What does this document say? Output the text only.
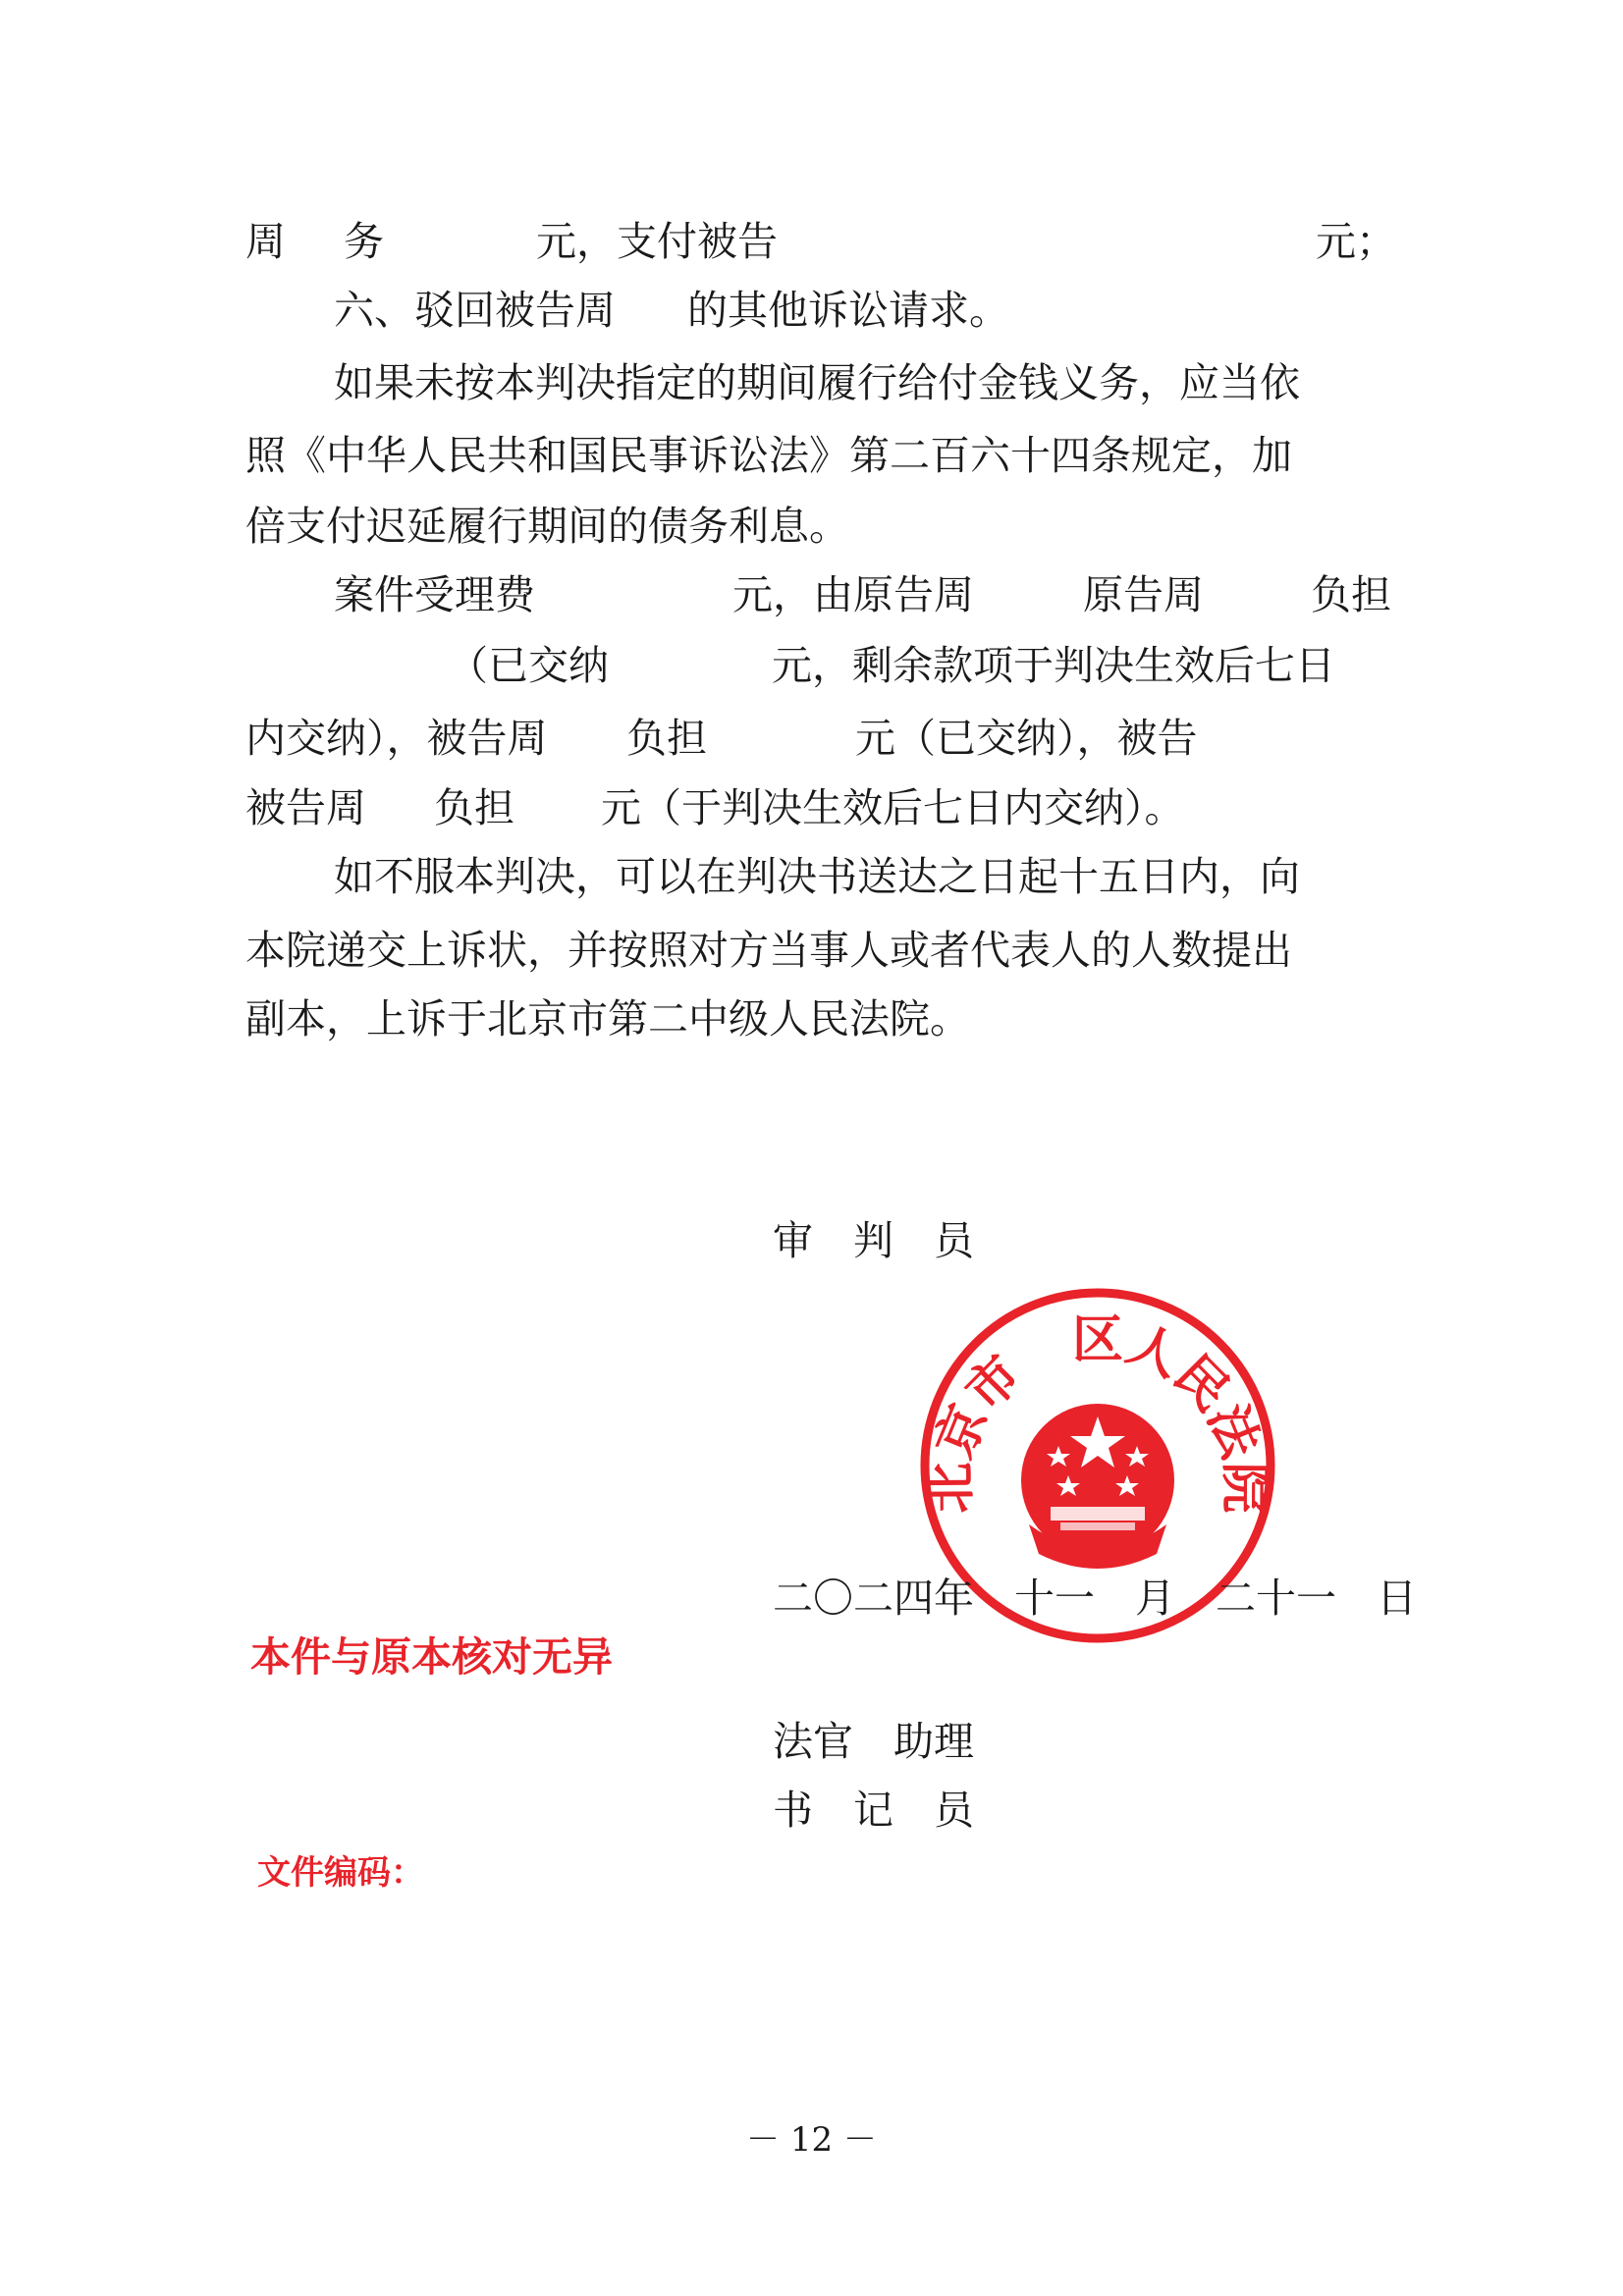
周 务	元，支付被告	元；
六、驳回被告周 的其他诉讼请求。
如果未按本判决指定的期间履行给付金钱义务，应当依
照《中华人民共和国民事诉讼法》第二百六十四条规定，加
倍支付迟延履行期间的债务利息。
案件受理费	元，由原告周	原告周	负担
（已交纳	元，剩余款项于判决生效后七日
内交纳），被告周 负担	元（已交纳），被告
被告周 负担 元（于判决生效后七日内交纳）。
如不服本判决，可以在判决书送达之日起十五日内，向
本院递交上诉状，并按照对方当事人或者代表人的人数提出
副本，上诉于北京市第二中级人民法院。
审　判　员
北京市　区人民法院
二〇二四年　十一　月　二十一　日
本件与原本核对无异
法官　助理
书　记　员
文件编码：
－ 12 －
